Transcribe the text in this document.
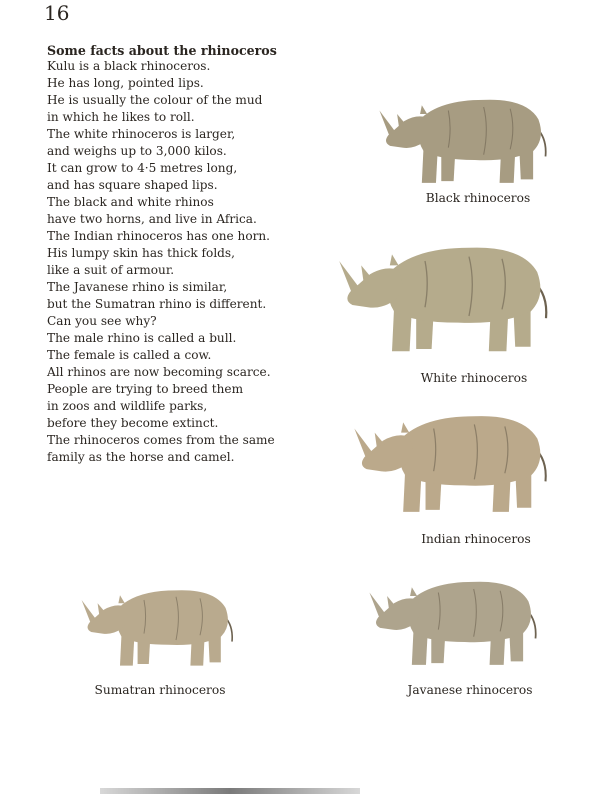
16

Some facts about the rhinoceros

Kulu is a black rhinoceros.
He has long, pointed lips.
He is usually the colour of the mud
in which he likes to roll.
The white rhinoceros is larger,
and weighs up to 3,000 kilos.
It can grow to 4·5 metres long,
and has square shaped lips.
The black and white rhinos
have two horns, and live in Africa.
The Indian rhinoceros has one horn.
His lumpy skin has thick folds,
like a suit of armour.
The Javanese rhino is similar,
but the Sumatran rhino is different.
Can you see why?
The male rhino is called a bull.
The female is called a cow.
All rhinos are now becoming scarce.
People are trying to breed them
in zoos and wildlife parks,
before they become extinct.
The rhinoceros comes from the same
family as the horse and camel.
Black rhinoceros
White rhinoceros
Indian rhinoceros
Sumatran rhinoceros	Javanese rhinoceros
